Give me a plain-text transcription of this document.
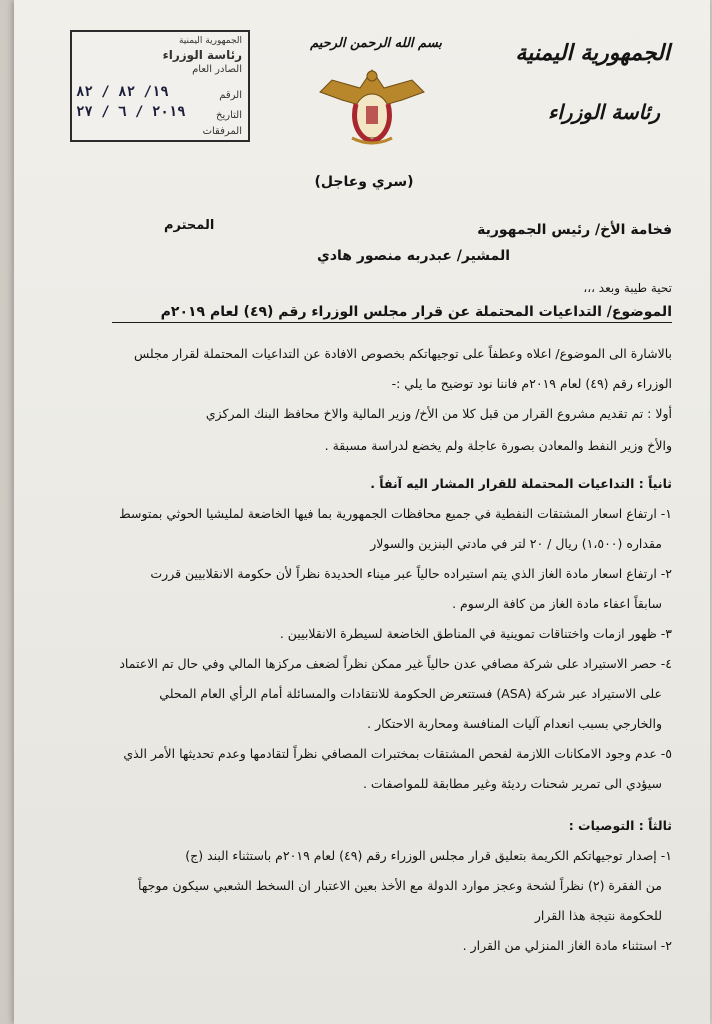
الجمهورية اليمنية
رئاسة الوزراء
بسم الله الرحمن الرحيم
الجمهورية اليمنية
رئاسة الوزراء
الصادر العام
الرقم
١٩/ ٨٢ / ٨٢
التاريخ
٢٠١٩ / ٦ / ٢٧
المرفقات
(سري وعاجل)
فخامة الأخ/ رئيس الجمهورية
المحترم
المشير/ عبدربه منصور هادي
تحية طيبة وبعد ،،،
الموضوع/ التداعيات المحتملة عن قرار مجلس الوزراء رقم (٤٩) لعام ٢٠١٩م
بالاشارة الى الموضوع/ اعلاه وعطفاً على توجيهاتكم بخصوص الافادة عن التداعيات المحتملة لقرار مجلس
الوزراء رقم (٤٩) لعام ٢٠١٩م فاننا نود توضيح ما يلي :-
أولا : تم تقديم مشروع القرار من قبل كلا من الأخ/ وزير المالية والاخ محافظ البنك المركزي
والأخ وزير النفط والمعادن بصورة عاجلة ولم يخضع لدراسة مسبقة .
ثانياً : التداعيات المحتملة للقرار المشار اليه آنفاً .
١- ارتفاع اسعار المشتقات النفطية في جميع محافظات الجمهورية بما فيها الخاضعة لمليشيا الحوثي بمتوسط
مقداره (١،٥٠٠) ريال / ٢٠ لتر في مادتي البنزين والسولار
٢- ارتفاع اسعار مادة الغاز الذي يتم استيراده حالياً عبر ميناء الحديدة نظراً لأن حكومة الانقلابيين قررت
سابقاً اعفاء مادة الغاز من كافة الرسوم .
٣- ظهور ازمات واختناقات تموينية في المناطق الخاضعة لسيطرة الانقلابيين .
٤- حصر الاستيراد على شركة مصافي عدن حالياً غير ممكن نظراً لضعف مركزها المالي وفي حال تم الاعتماد
على الاستيراد عبر شركة (ASA) فستتعرض الحكومة للانتقادات والمسائلة أمام الرأي العام المحلي
والخارجي بسبب انعدام آليات المنافسة ومحاربة الاحتكار .
٥- عدم وجود الامكانات اللازمة لفحص المشتقات بمختبرات المصافي نظراً لتقادمها وعدم تحديثها الأمر الذي
سيؤدي الى تمرير شحنات رديئة وغير مطابقة للمواصفات .
ثالثاً : التوصيات :
١- إصدار توجيهاتكم الكريمة بتعليق قرار مجلس الوزراء رقم (٤٩) لعام ٢٠١٩م باستثناء البند (ج)
من الفقرة (٢) نظراً لشحة وعجز موارد الدولة مع الأخذ بعين الاعتبار ان السخط الشعبي سيكون موجهاً
للحكومة نتيجة هذا القرار
٢- استثناء مادة الغاز المنزلي من القرار .
